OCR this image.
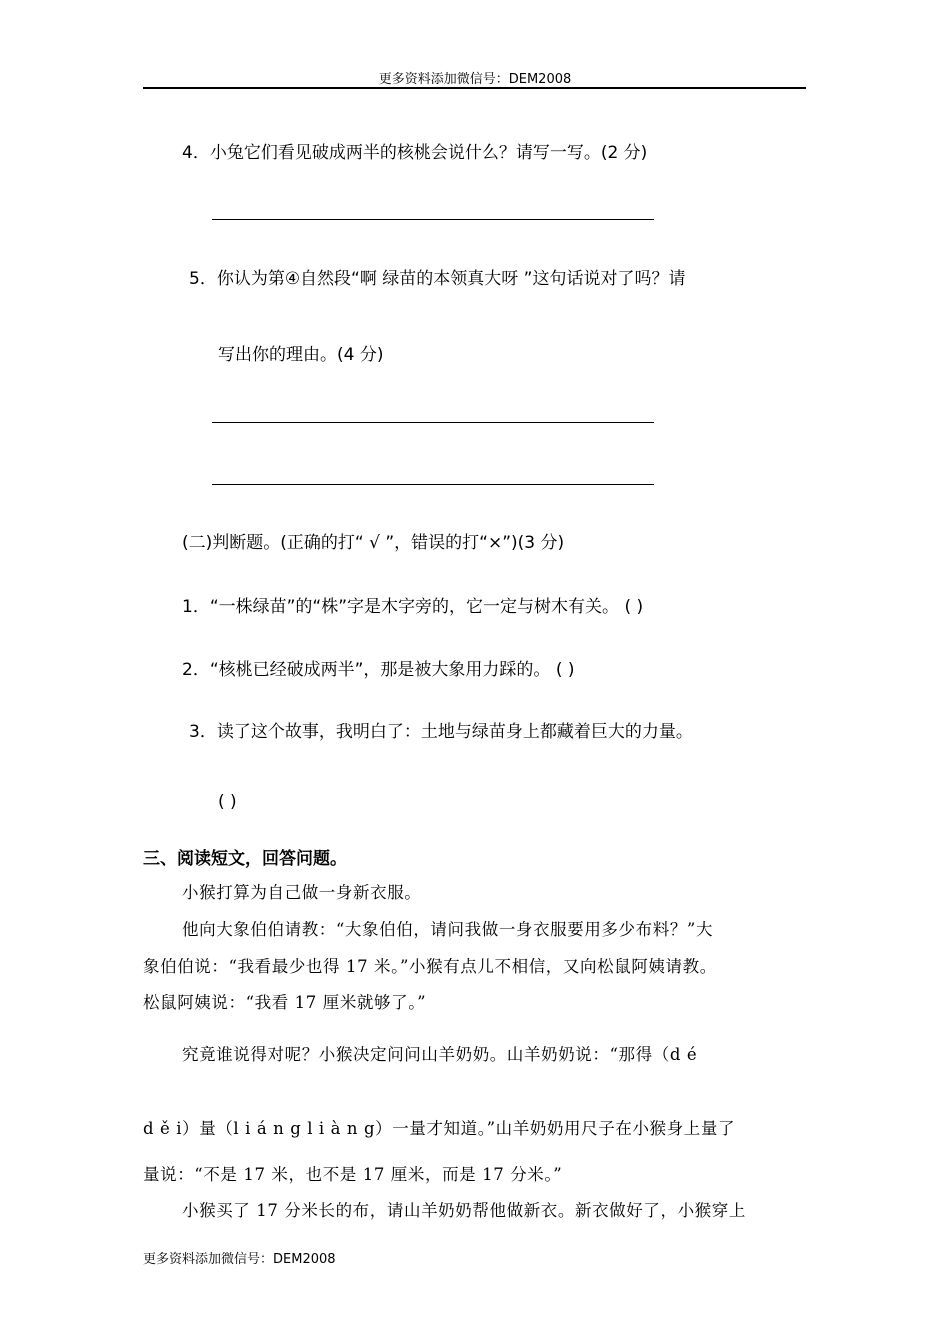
更多资料添加微信号：DEM2008
4．小兔它们看见破成两半的核桃会说什么？请写一写。(2 分)
5．你认为第④自然段“啊 绿苗的本领真大呀 ”这句话说对了吗？请
写出你的理由。(4 分)
(二)判断题。(正确的打“ √ ”，错误的打“×”)(3 分)
1．“一株绿苗”的“株”字是木字旁的，它一定与树木有关。 ( )
2．“核桃已经破成两半”，那是被大象用力踩的。 ( )
3．读了这个故事，我明白了：土地与绿苗身上都藏着巨大的力量。
( )
三、阅读短文，回答问题。
小猴打算为自己做一身新衣服。
他向大象伯伯请教：“大象伯伯，请问我做一身衣服要用多少布料？”大
象伯伯说：“我看最少也得 17 米。”小猴有点儿不相信，又向松鼠阿姨请教。
松鼠阿姨说：“我看 17 厘米就够了。”
究竟谁说得对呢？小猴决定问问山羊奶奶。山羊奶奶说：“那得（d é
d ě i）量（l i á n g l i à n g）一量才知道。”山羊奶奶用尺子在小猴身上量了
量说：“不是 17 米，也不是 17 厘米，而是 17 分米。”
小猴买了 17 分米长的布，请山羊奶奶帮他做新衣。新衣做好了，小猴穿上
更多资料添加微信号：DEM2008
